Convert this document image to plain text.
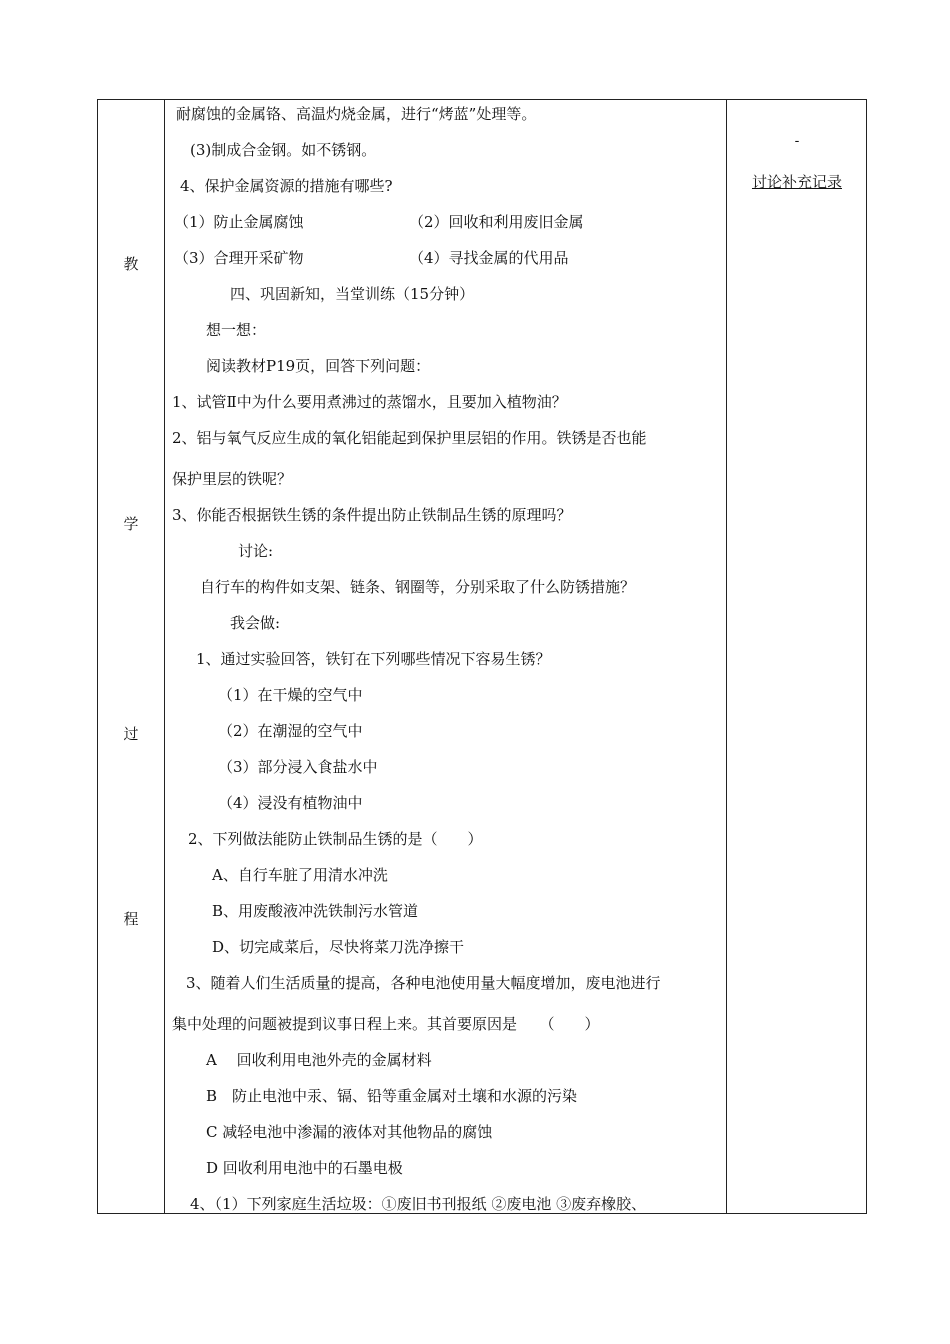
教
学
过
程
-
讨论补充记录
耐腐蚀的金属铬、高温灼烧金属，进行“烤蓝”处理等。
(3)制成合金钢。如不锈钢。
4、保护金属资源的措施有哪些?
（1）防止金属腐蚀	（2）回收和利用废旧金属
（3）合理开采矿物	（4）寻找金属的代用品
四、巩固新知，当堂训练（15分钟）
想一想：
阅读教材P19页，回答下列问题：
1、试管Ⅱ中为什么要用煮沸过的蒸馏水，且要加入植物油？
2、铝与氧气反应生成的氧化铝能起到保护里层铝的作用。铁锈是否也能
保护里层的铁呢？
3、你能否根据铁生锈的条件提出防止铁制品生锈的原理吗？
讨论:
自行车的构件如支架、链条、钢圈等，分别采取了什么防锈措施？
我会做:
1、通过实验回答，铁钉在下列哪些情况下容易生锈？
（1）在干燥的空气中
（2）在潮湿的空气中
（3）部分浸入食盐水中
（4）浸没有植物油中
2、下列做法能防止铁制品生锈的是（　　）
A、自行车脏了用清水冲洗
B、用废酸液冲洗铁制污水管道
D、切完咸菜后，尽快将菜刀洗净擦干
3、随着人们生活质量的提高，各种电池使用量大幅度增加，废电池进行
集中处理的问题被提到议事日程上来。其首要原因是　　（　　）
A　 回收利用电池外壳的金属材料
B　防止电池中汞、镉、铅等重金属对土壤和水源的污染
C 减轻电池中渗漏的液体对其他物品的腐蚀
D 回收利用电池中的石墨电极
4、（1）下列家庭生活垃圾：①废旧书刊报纸 ②废电池 ③废弃橡胶、
